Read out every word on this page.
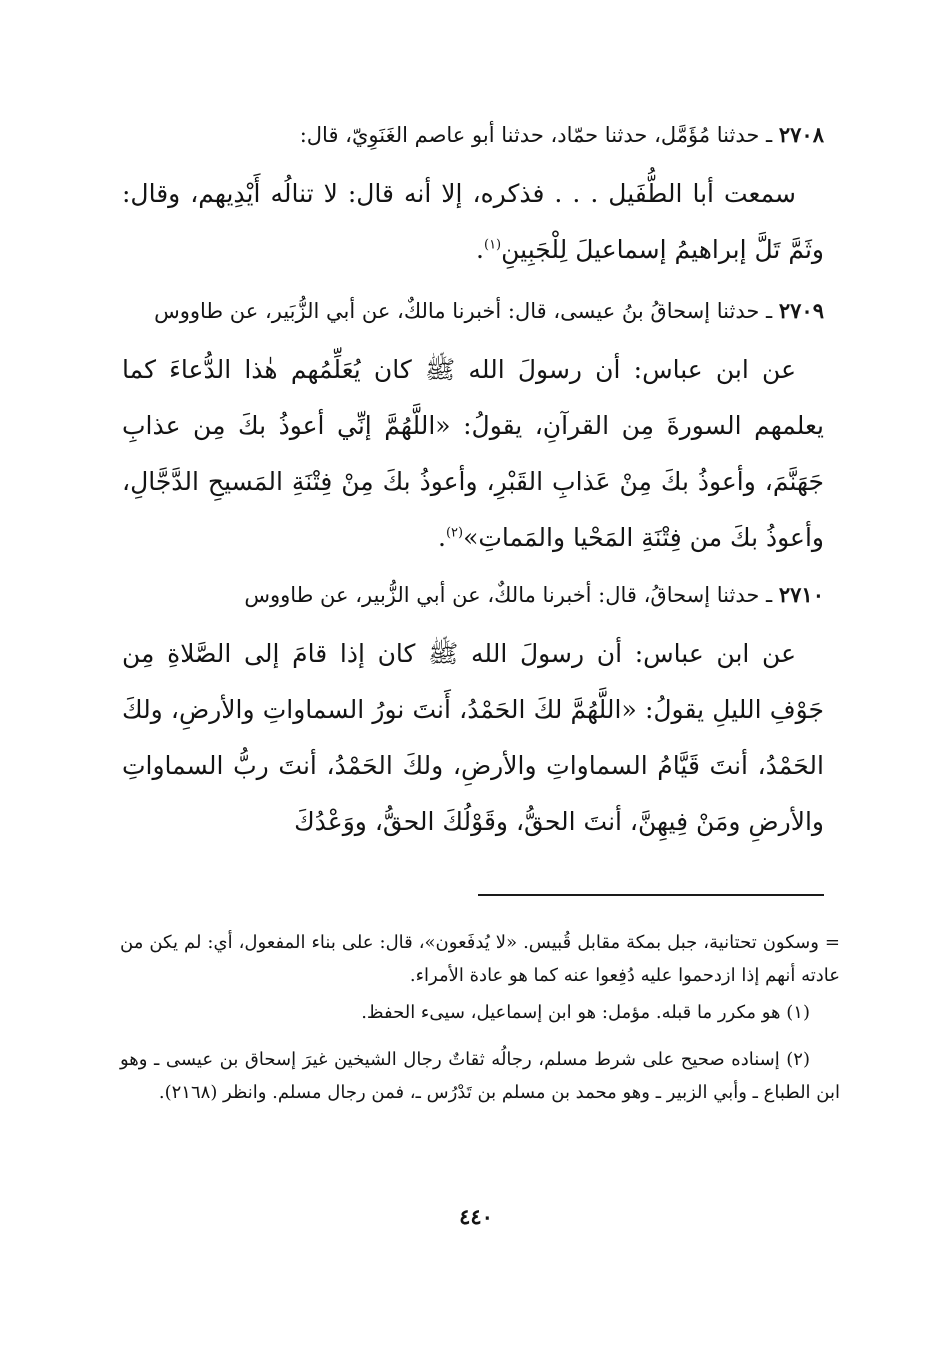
٢٧٠٨ ـ حدثنا مُؤَمَّل، حدثنا حمّاد، حدثنا أبو عاصم الغَنَوِيّ، قال:

سمعت أبا الطُّفَيل . . . فذكره، إلا أنه قال: لا تنالُه أَيْدِيهم، وقال: وثَمَّ تَلَّ إبراهيمُ إسماعيلَ لِلْجَبِينِ$^{(١)}$.

٢٧٠٩ ـ حدثنا إسحاقُ بنُ عيسى، قال: أخبرنا مالكٌ، عن أبي الزُّبَير، عن طاووس

عن ابن عباس: أن رسولَ الله ﷺ كان يُعَلِّمُهم هٰذا الدُّعاءَ كما يعلمهم السورةَ مِن القرآنِ، يقولُ: «اللَّهُمَّ إنِّي أعوذُ بكَ مِن عذابِ جَهَنَّمَ، وأعوذُ بكَ مِنْ عَذابِ القَبْرِ، وأعوذُ بكَ مِنْ فِتْنَةِ المَسيحِ الدَّجَّالِ، وأعوذُ بكَ من فِتْنَةِ المَحْيا والمَماتِ»$^{(٢)}$.

٢٧١٠ ـ حدثنا إسحاقُ، قال: أخبرنا مالكٌ، عن أبي الزُّبير، عن طاووس

عن ابن عباس: أن رسولَ الله ﷺ كان إذا قامَ إلى الصَّلاةِ مِن جَوْفِ الليلِ يقولُ: «اللَّهُمَّ لكَ الحَمْدُ، أَنتَ نورُ السماواتِ والأرضِ، ولكَ الحَمْدُ، أنتَ قَيَّامُ السماواتِ والأرضِ، ولكَ الحَمْدُ، أنتَ ربُّ السماواتِ والأرضِ ومَنْ فِيهِنَّ، أنتَ الحقُّ، وقَوْلُكَ الحقُّ، ووَعْدُكَ

= وسكون تحتانية، جبل بمكة مقابل قُبيس. «لا يُدفَعون»، قال: على بناء المفعول، أي: لم يكن من عادته أنهم إذا ازدحموا عليه دُفِعوا عنه كما هو عادة الأمراء.

(١) هو مكرر ما قبله. مؤمل: هو ابن إسماعيل، سيىء الحفظ.

(٢) إسناده صحيح على شرط مسلم، رجالُه ثقاتٌ رجال الشيخين غيرَ إسحاق بن عيسى ـ وهو ابن الطباع ـ وأبي الزبير ـ وهو محمد بن مسلم بن تَدْرُس ـ، فمن رجال مسلم. وانظر (٢١٦٨).

٤٤٠
